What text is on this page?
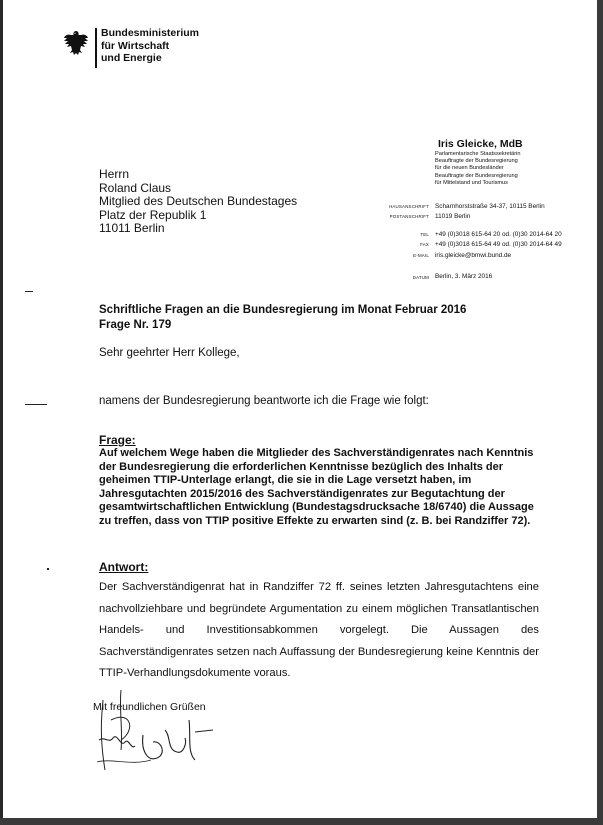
Bundesministerium
für Wirtschaft
und Energie
Herrn
Roland Claus
Mitglied des Deutschen Bundestages
Platz der Republik 1
11011 Berlin
Iris Gleicke, MdB
Parlamentarische Staatssekretärin
Beauftragte der Bundesregierung
für die neuen Bundesländer
Beauftragte der Bundesregierung
für Mittelstand und Tourismus
HAUSANSCHRIFT Scharnhorststraße 34-37, 10115 Berlin
POSTANSCHRIFT 11019 Berlin
TEL +49 (0)3018 615-64 20 od. (0)30 2014-64 20
FAX +49 (0)3018 615-64 49 od. (0)30 2014-64 49
E-MAIL iris.gleicke@bmwi.bund.de
DATUM Berlin, 3. März 2016
Schriftliche Fragen an die Bundesregierung im Monat Februar 2016
Frage Nr. 179
Sehr geehrter Herr Kollege,
namens der Bundesregierung beantworte ich die Frage wie folgt:
Frage:
Auf welchem Wege haben die Mitglieder des Sachverständigenrates nach Kenntnis der Bundesregierung die erforderlichen Kenntnisse bezüglich des Inhalts der geheimen TTIP-Unterlage erlangt, die sie in die Lage versetzt haben, im Jahresgutachten 2015/2016 des Sachverständigenrates zur Begutachtung der gesamtwirtschaftlichen Entwicklung (Bundestagsdrucksache 18/6740) die Aussage zu treffen, dass von TTIP positive Effekte zu erwarten sind (z. B. bei Randziffer 72).
Antwort:
Der Sachverständigenrat hat in Randziffer 72 ff. seines letzten Jahresgutachtens eine nachvollziehbare und begründete Argumentation zu einem möglichen Transatlantischen Handels- und Investitionsabkommen vorgelegt. Die Aussagen des Sachverständigenrates setzen nach Auffassung der Bundesregierung keine Kenntnis der TTIP-Verhandlungsdokumente voraus.
Mit freundlichen Grüßen
